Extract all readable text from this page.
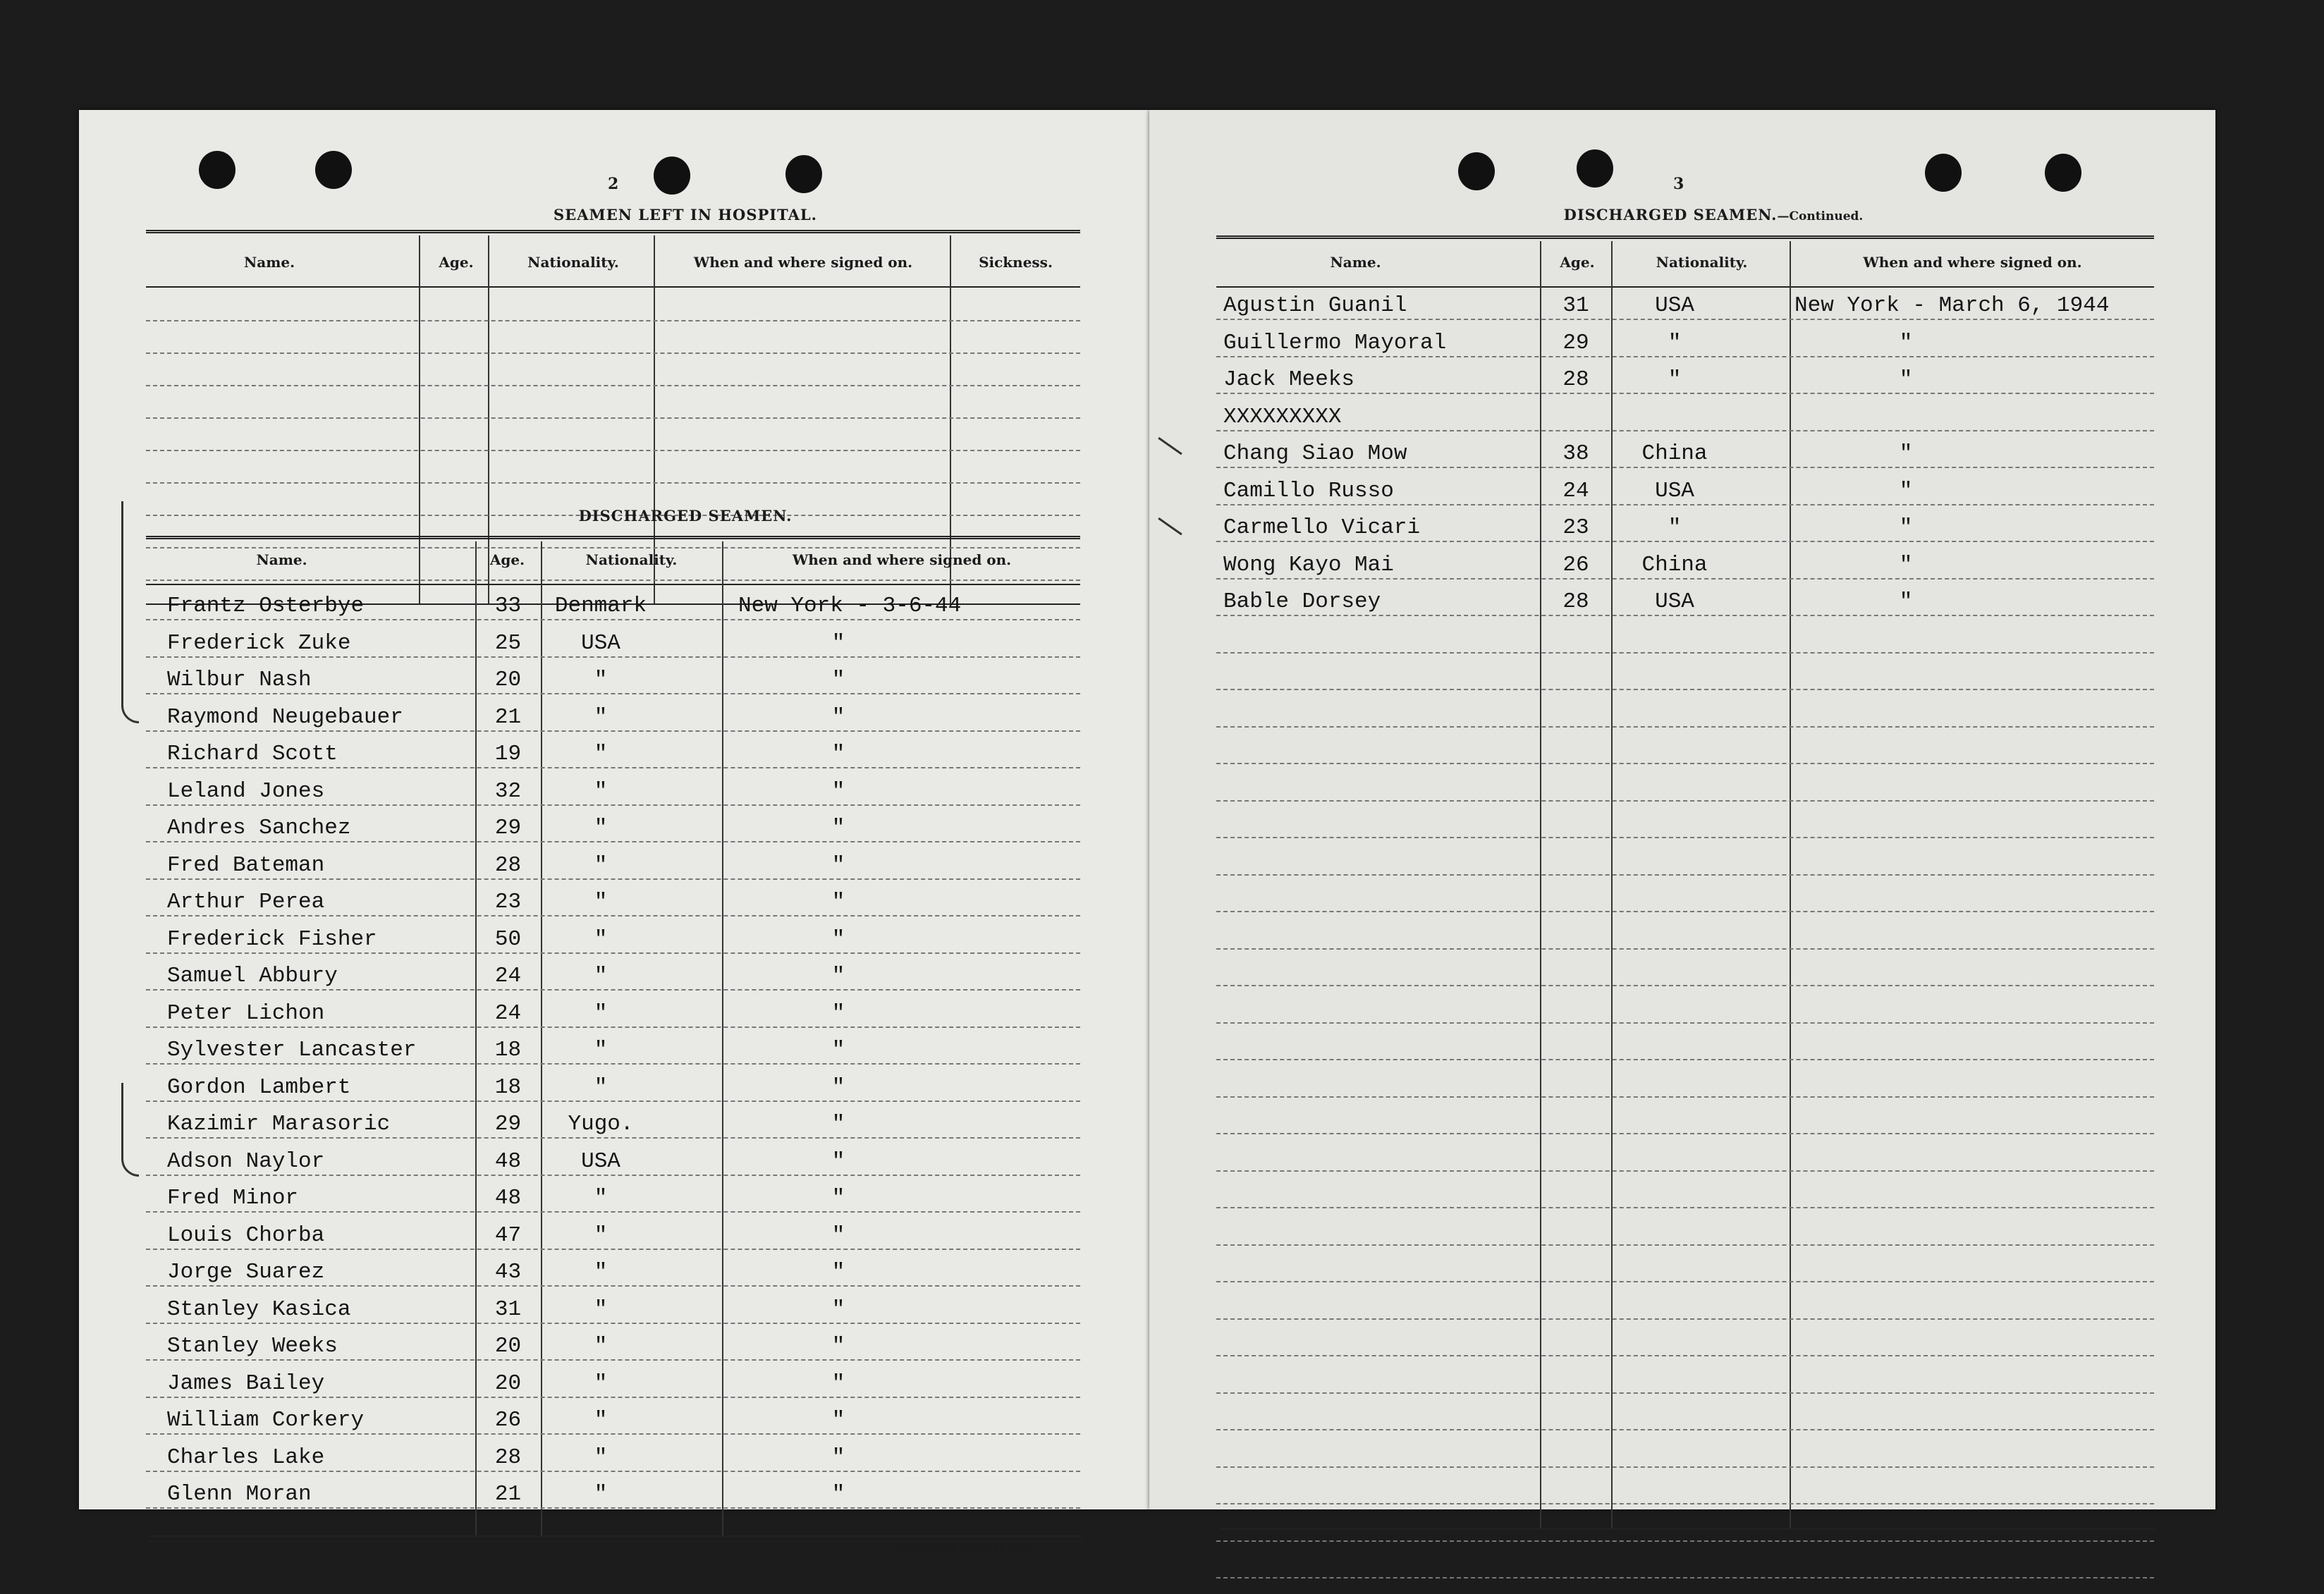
2
SEAMEN LEFT IN HOSPITAL.
Name.	Age.	Nationality.	When and where signed on.	Sickness.
DISCHARGED SEAMEN.
Name.	Age.	Nationality.	When and where signed on.
Frantz Osterbye	33	Denmark	New York - 3-6-44
Frederick Zuke	25	USA	"
Wilbur Nash	20	"	"
Raymond Neugebauer	21	"	"
Richard Scott	19	"	"
Leland Jones	32	"	"
Andres Sanchez	29	"	"
Fred Bateman	28	"	"
Arthur Perea	23	"	"
Frederick Fisher	50	"	"
Samuel Abbury	24	"	"
Peter Lichon	24	"	"
Sylvester Lancaster	18	"	"
Gordon Lambert	18	"	"
Kazimir Marasoric	29	Yugo.	"
Adson Naylor	48	USA	"
Fred Minor	48	"	"
Louis Chorba	47	"	"
Jorge Suarez	43	"	"
Stanley Kasica	31	"	"
Stanley Weeks	20	"	"
James Bailey	20	"	"
William Corkery	26	"	"
Charles Lake	28	"	"
Glenn Moran	21	"	"
CONTINUED ON NEXT PAGE.
3
DISCHARGED SEAMEN.—Continued.
Name.	Age.	Nationality.	When and where signed on.
Agustin Guanil	31	USA	New York - March 6, 1944
Guillermo Mayoral	29	"	"
Jack Meeks	28	"	"
XXXXXXXXX
Chang Siao Mow	38	China	"
Camillo Russo	24	USA	"
Carmello Vicari	23	"	"
Wong Kayo Mai	26	China	"
Bable Dorsey	28	USA	"
